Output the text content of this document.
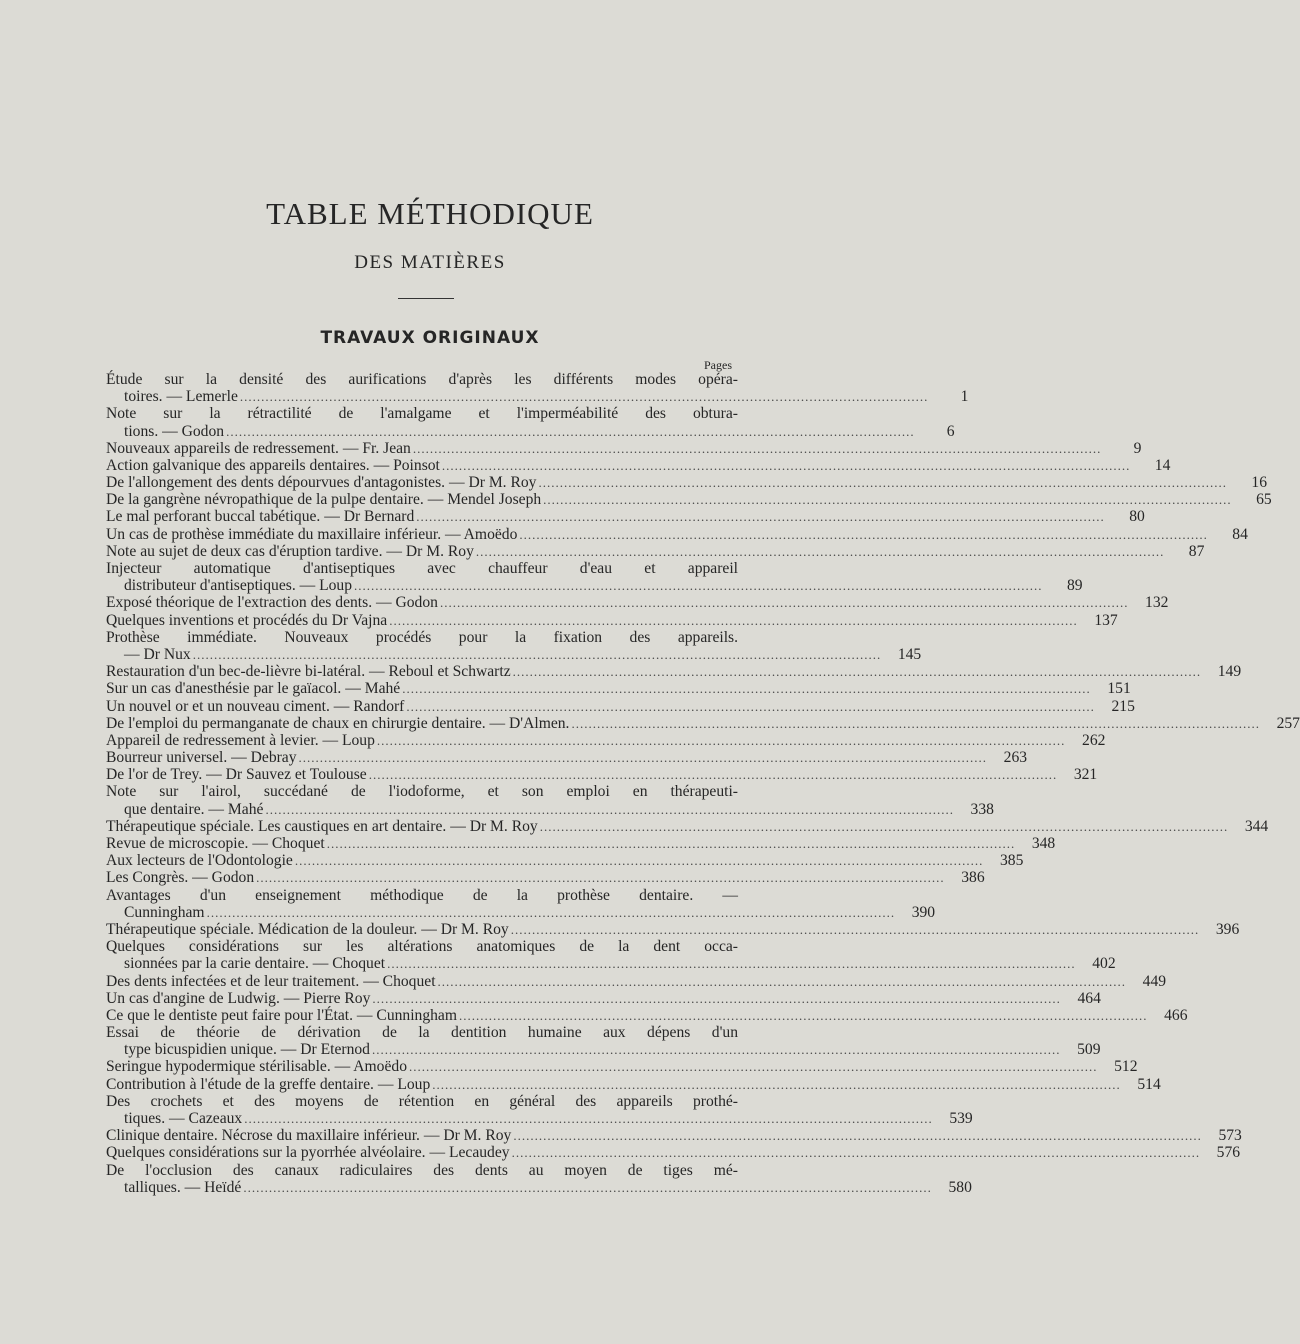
TABLE MÉTHODIQUE
DES MATIÈRES
TRAVAUX ORIGINAUX
Pages
Étude sur la densité des aurifications d'après les différents modes opéra-
toires. — Lemerle .....	1
Note sur la rétractilité de l'amalgame et l'imperméabilité des obtura-
tions. — Godon .....	6
Nouveaux appareils de redressement. — Fr. Jean .....	9
Action galvanique des appareils dentaires. — Poinsot .....	14
De l'allongement des dents dépourvues d'antagonistes. — Dr M. Roy .....	16
De la gangrène névropathique de la pulpe dentaire. — Mendel Joseph .....	65
Le mal perforant buccal tabétique. — Dr Bernard .....	80
Un cas de prothèse immédiate du maxillaire inférieur. — Amoëdo .....	84
Note au sujet de deux cas d'éruption tardive. — Dr M. Roy .....	87
Injecteur automatique d'antiseptiques avec chauffeur d'eau et appareil
distributeur d'antiseptiques. — Loup .....	89
Exposé théorique de l'extraction des dents. — Godon .....	132
Quelques inventions et procédés du Dr Vajna .....	137
Prothèse immédiate. Nouveaux procédés pour la fixation des appareils.
— Dr Nux .....	145
Restauration d'un bec-de-lièvre bi-latéral. — Reboul et Schwartz .....	149
Sur un cas d'anesthésie par le gaïacol. — Mahé .....	151
Un nouvel or et un nouveau ciment. — Randorf .....	215
De l'emploi du permanganate de chaux en chirurgie dentaire. — D'Almen. .....	257
Appareil de redressement à levier. — Loup .....	262
Bourreur universel. — Debray .....	263
De l'or de Trey. — Dr Sauvez et Toulouse .....	321
Note sur l'airol, succédané de l'iodoforme, et son emploi en thérapeuti-
que dentaire. — Mahé .....	338
Thérapeutique spéciale. Les caustiques en art dentaire. — Dr M. Roy .....	344
Revue de microscopie. — Choquet .....	348
Aux lecteurs de l'Odontologie .....	385
Les Congrès. — Godon .....	386
Avantages d'un enseignement méthodique de la prothèse dentaire. —
Cunningham .....	390
Thérapeutique spéciale. Médication de la douleur. — Dr M. Roy .....	396
Quelques considérations sur les altérations anatomiques de la dent occa-
sionnées par la carie dentaire. — Choquet .....	402
Des dents infectées et de leur traitement. — Choquet .....	449
Un cas d'angine de Ludwig. — Pierre Roy .....	464
Ce que le dentiste peut faire pour l'État. — Cunningham .....	466
Essai de théorie de dérivation de la dentition humaine aux dépens d'un
type bicuspidien unique. — Dr Eternod .....	509
Seringue hypodermique stérilisable. — Amoëdo .....	512
Contribution à l'étude de la greffe dentaire. — Loup .....	514
Des crochets et des moyens de rétention en général des appareils prothé-
tiques. — Cazeaux .....	539
Clinique dentaire. Nécrose du maxillaire inférieur. — Dr M. Roy .....	573
Quelques considérations sur la pyorrhée alvéolaire. — Lecaudey .....	576
De l'occlusion des canaux radiculaires des dents au moyen de tiges mé-
talliques. — Heïdé .....	580
